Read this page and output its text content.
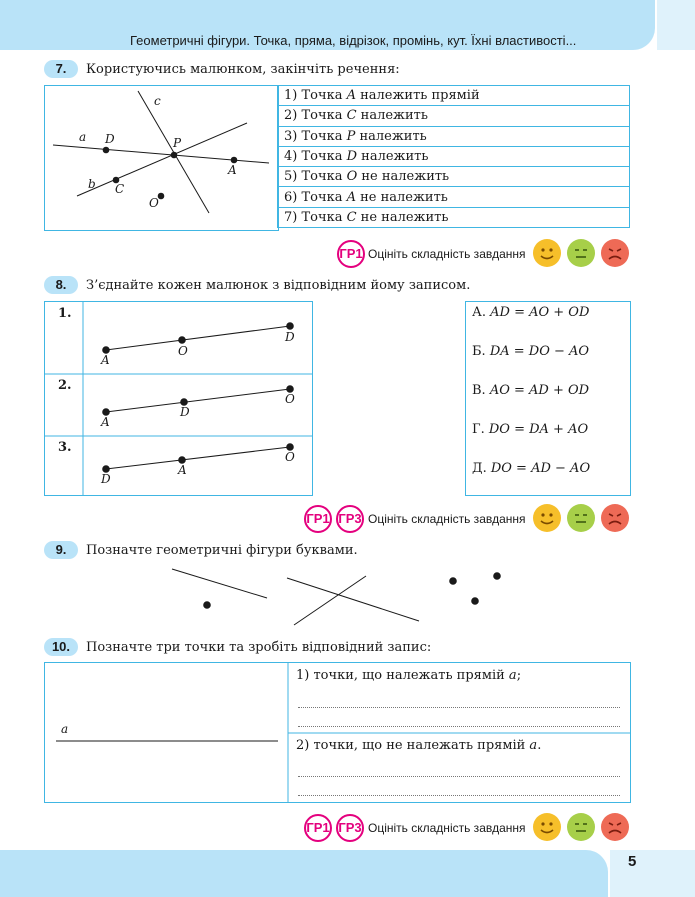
Геометричні фігури. Точка, пряма, відрізок, промінь, кут. Їхні властивості...
7.	Користуючись малюнком, закінчіть речення:
a D
c
P
A
b C
O
1) Точка A належить прямій
2) Точка C належить
3) Точка P належить
4) Точка D належить
5) Точка O не належить
6) Точка A не належить
7) Точка C не належить
ГР1 Оцініть складність завдання
8.	З’єднайте кожен малюнок з відповідним йому записом.
1.
2.
3.
A
O
D
A
D
O
D
A
O
А. AD = AO + OD
Б. DA = DO − AO
В. AO = AD + OD
Г. DO = DA + AO
Д. DO = AD − AO
ГР1 ГР3 Оцініть складність завдання
9.	Позначте геометричні фігури буквами.
10.	Позначте три точки та зробіть відповідний запис:
a
1) точки, що належать прямій a;
2) точки, що не належать прямій a.
ГР1 ГР3 Оцініть складність завдання
5
